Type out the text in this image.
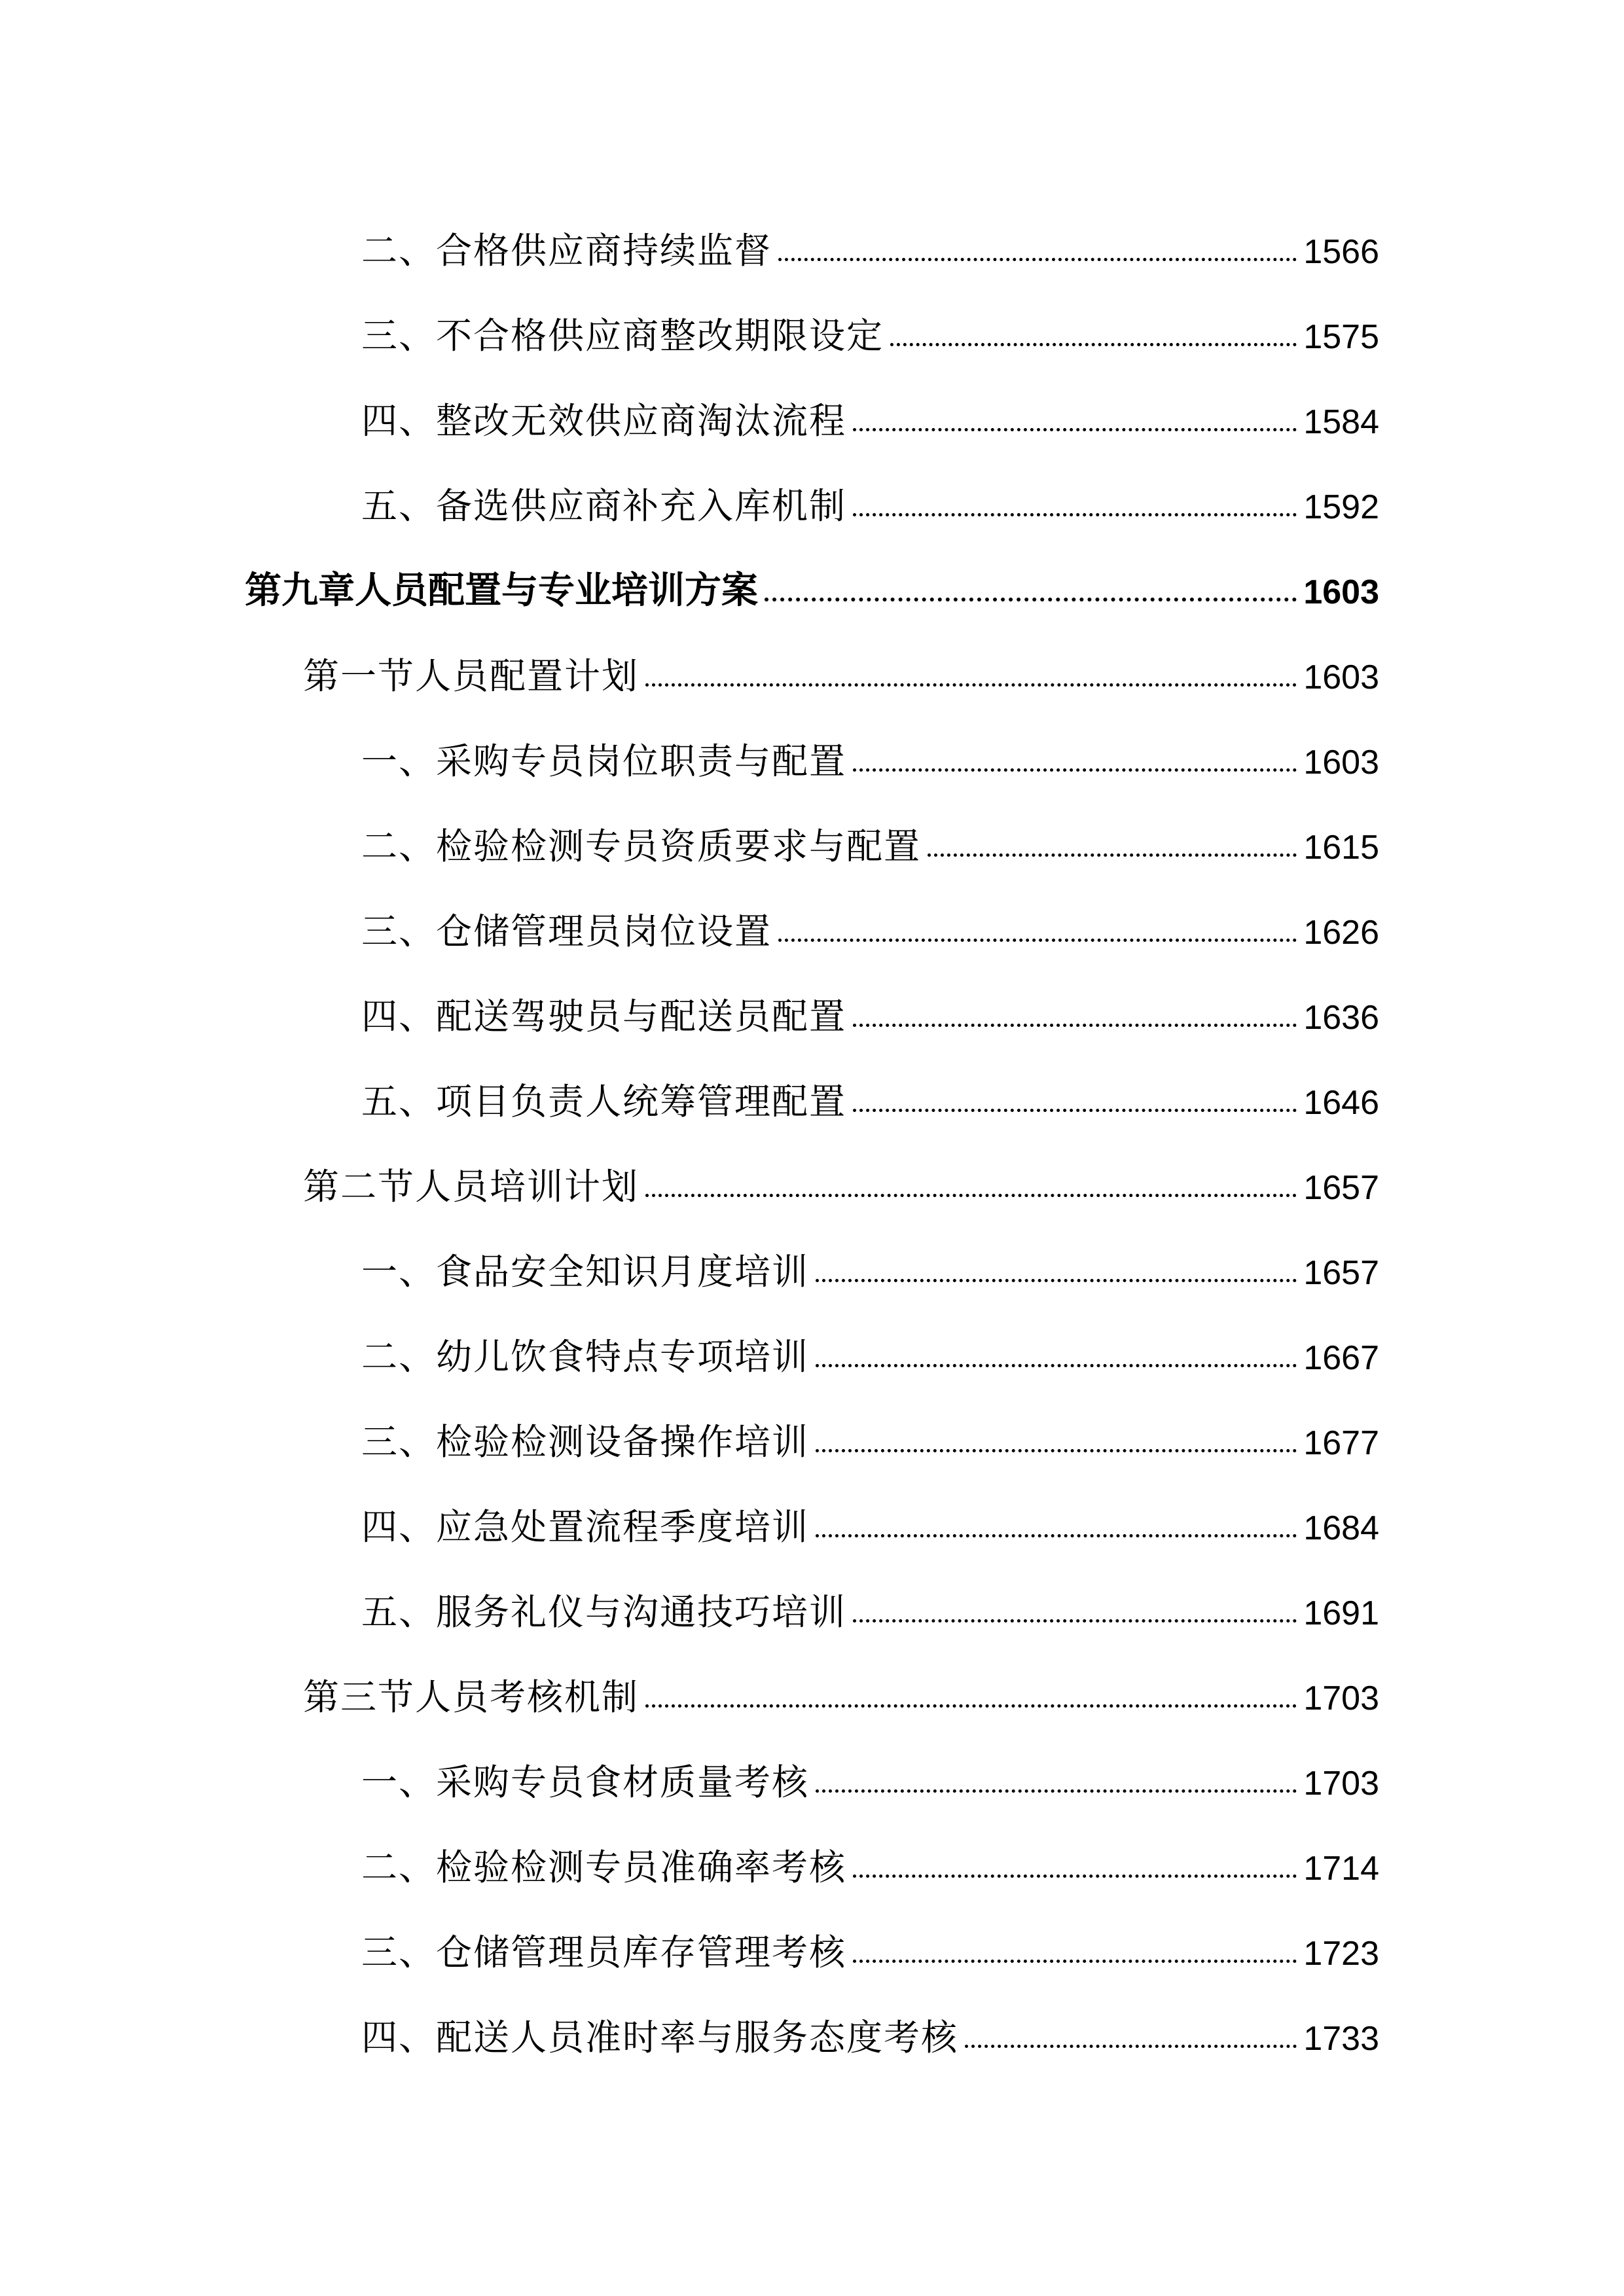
二、合格供应商持续监督	1566
三、不合格供应商整改期限设定	1575
四、整改无效供应商淘汰流程	1584
五、备选供应商补充入库机制	1592
第九章人员配置与专业培训方案	1603
第一节人员配置计划	1603
一、采购专员岗位职责与配置	1603
二、检验检测专员资质要求与配置	1615
三、仓储管理员岗位设置	1626
四、配送驾驶员与配送员配置	1636
五、项目负责人统筹管理配置	1646
第二节人员培训计划	1657
一、食品安全知识月度培训	1657
二、幼儿饮食特点专项培训	1667
三、检验检测设备操作培训	1677
四、应急处置流程季度培训	1684
五、服务礼仪与沟通技巧培训	1691
第三节人员考核机制	1703
一、采购专员食材质量考核	1703
二、检验检测专员准确率考核	1714
三、仓储管理员库存管理考核	1723
四、配送人员准时率与服务态度考核	1733
